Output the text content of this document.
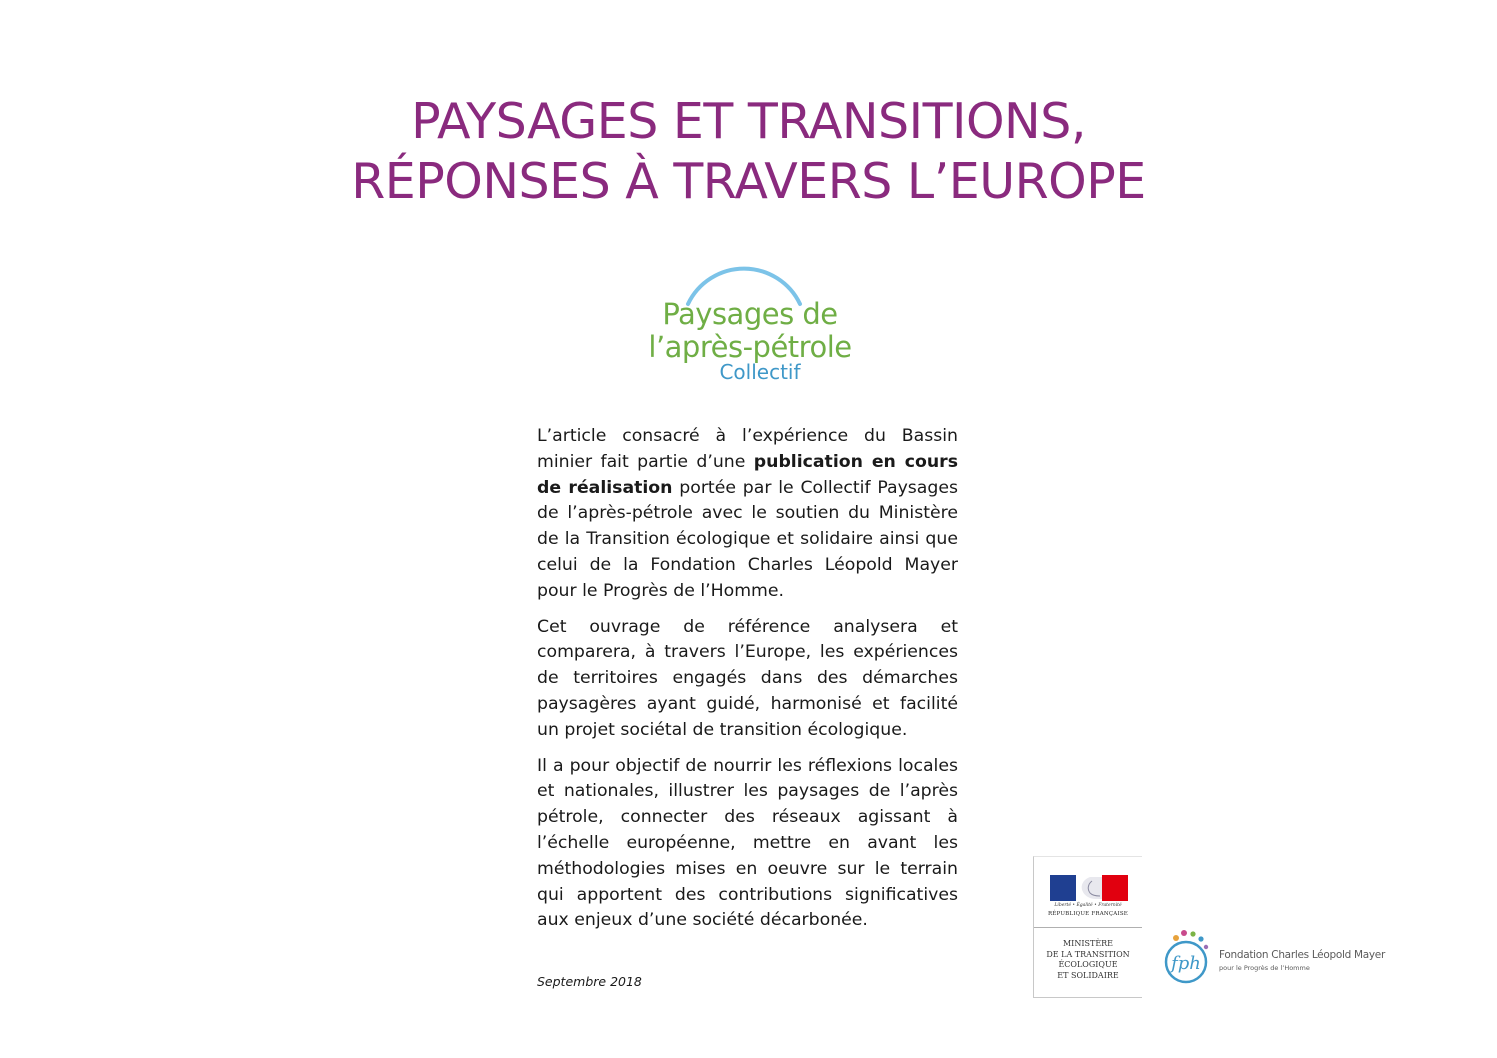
PAYSAGES ET TRANSITIONS,
RÉPONSES À TRAVERS L’EUROPE
Paysages de
l’après-pétrole
Collectif

L’article consacré à l’expérience du Bassin minier fait partie d’une publication en cours de réalisation portée par le Collectif Paysages de l’après-pétrole avec le soutien du Ministère de la Transition écologique et solidaire ainsi que celui de la Fondation Charles Léopold Mayer pour le Progrès de l’Homme.

Cet ouvrage de référence analysera et comparera, à travers l’Europe, les expériences de territoires engagés dans des démarches paysagères ayant guidé, harmonisé et facilité un projet sociétal de transition écologique.

Il a pour objectif de nourrir les réflexions locales et nationales, illustrer les paysages de l’après pétrole, connecter des réseaux agissant à l’échelle européenne, mettre en avant les méthodologies mises en oeuvre sur le terrain qui apportent des contributions significatives aux enjeux d’une société décarbonée.

Septembre 2018
Liberté • Égalité • Fraternité
RÉPUBLIQUE FRANÇAISE
MINISTÈRE
DE LA TRANSITION
ÉCOLOGIQUE
ET SOLIDAIRE
fph Fondation Charles Léopold Mayer
pour le Progrès de l’Homme
